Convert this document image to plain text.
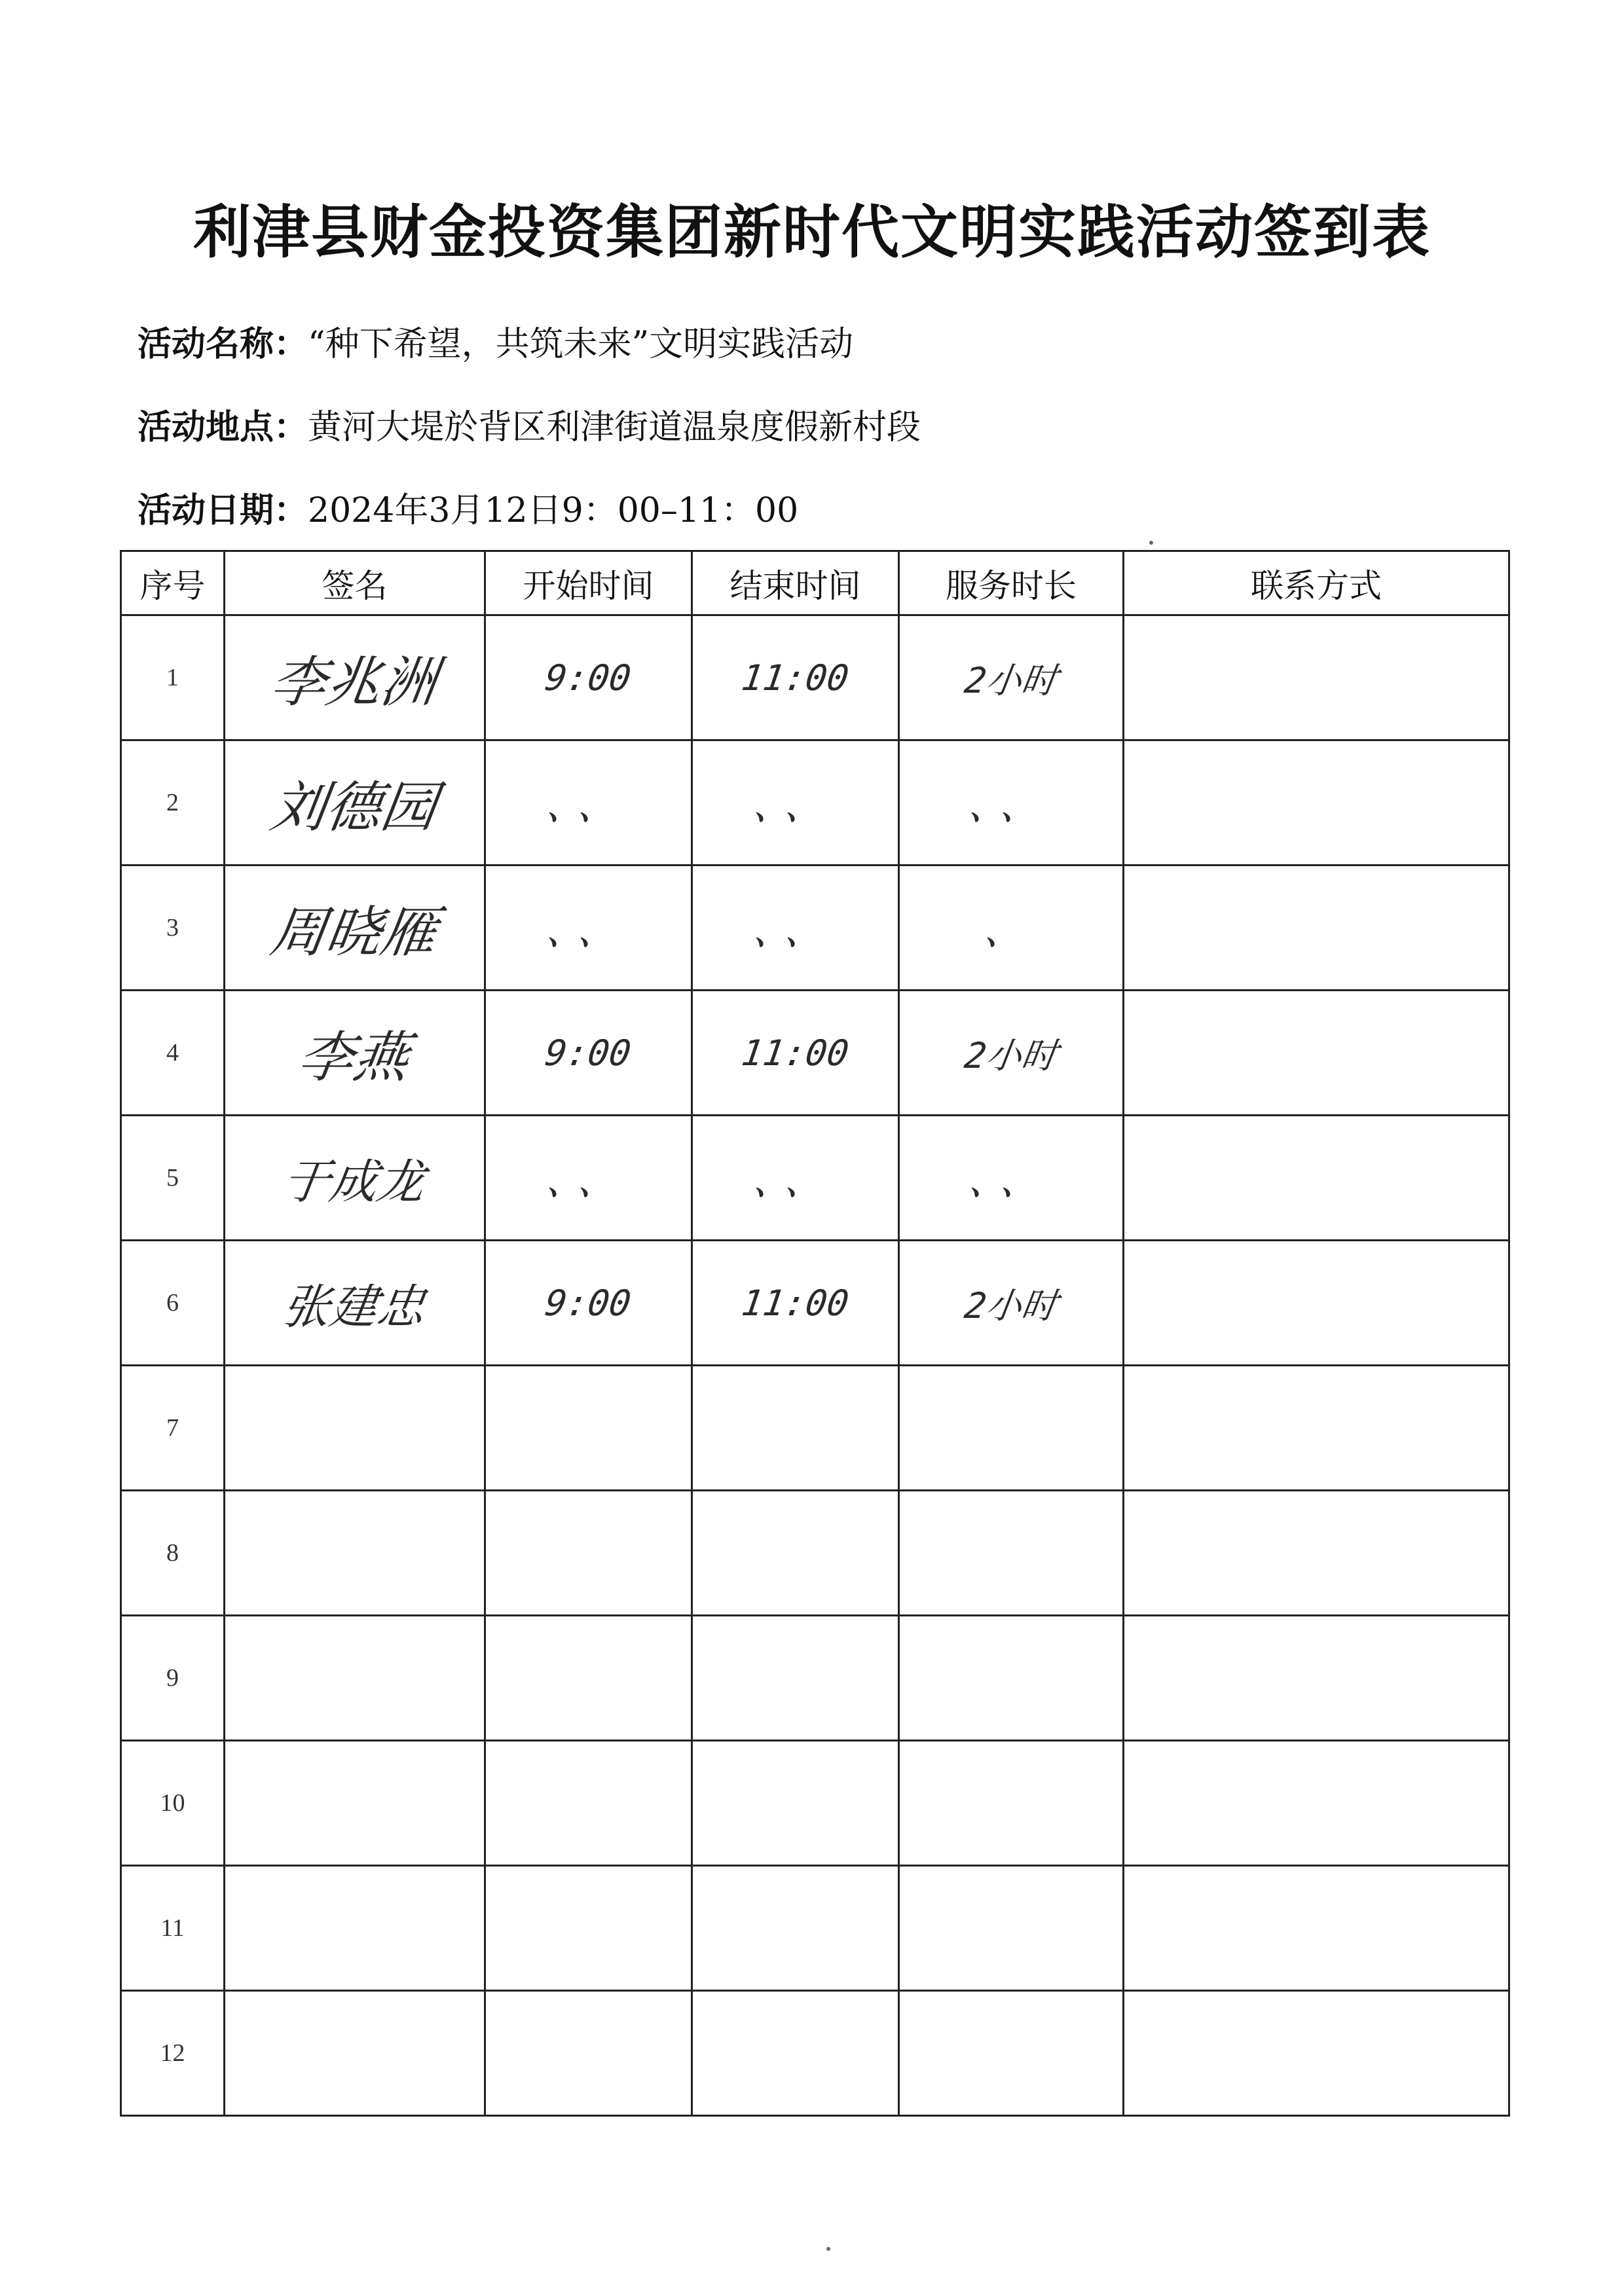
利津县财金投资集团新时代文明实践活动签到表
活动名称：“种下希望，共筑未来”文明实践活动
活动地点：黄河大堤於背区利津街道温泉度假新村段
活动日期：2024年3月12日9：00–11：00
序号	签名	开始时间	结束时间	服务时长	联系方式
1	李兆洲	9:00	11:00	2小时	
2	刘德园	、、	、、	、、	
3	周晓雁	、、	、、	、	
4	李燕	9:00	11:00	2小时	
5	于成龙	、、	、、	、、	
6	张建忠	9:00	11:00	2小时	
7					
8					
9					
10					
11					
12					
